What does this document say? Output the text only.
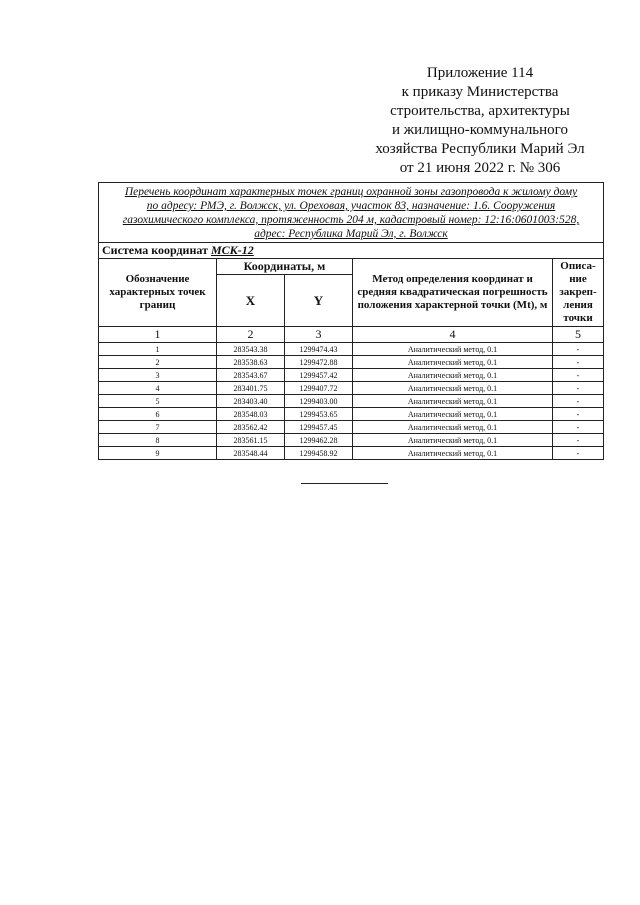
Приложение 114
к приказу Министерства
строительства, архитектуры
и жилищно-коммунального
хозяйства Республики Марий Эл
от 21 июня 2022 г. № 306
Перечень координат характерных точек границ охранной зоны газопровода к жилому дому
по адресу: РМЭ, г. Волжск, ул. Ореховая, участок 83, назначение: 1.6. Сооружения
газохимического комплекса, протяженность 204 м, кадастровый номер: 12:16:0601003:528,
адрес: Республика Марий Эл, г. Волжск				

Система координат МСК-12				
Обозначение характерных точек границ	Координаты, м		Метод определения координат и средняя квадратическая погрешность положения характерной точки (Mt), м	Описа-ние закреп-ления точки
	X	Y		
1	2	3	4	5
1	283543.38	1299474.43	Аналитический метод, 0.1	-
2	283538.63	1299472.88	Аналитический метод, 0.1	-
3	283543.67	1299457.42	Аналитический метод, 0.1	-
4	283401.75	1299407.72	Аналитический метод, 0.1	-
5	283403.40	1299403.00	Аналитический метод, 0.1	-
6	283548.03	1299453.65	Аналитический метод, 0.1	-
7	283562.42	1299457.45	Аналитический метод, 0.1	-
8	283561.15	1299462.28	Аналитический метод, 0.1	-
9	283548.44	1299458.92	Аналитический метод, 0.1	-
